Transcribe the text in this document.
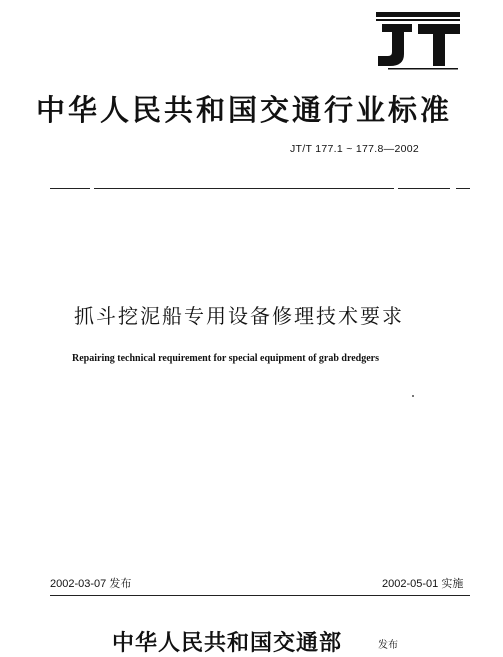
中华人民共和国交通行业标准
JT/T 177.1 ~ 177.8—2002
抓斗挖泥船专用设备修理技术要求
Repairing technical requirement for special equipment of grab dredgers
2002-03-07 发布	2002-05-01 实施
中华人民共和国交通部	发布
